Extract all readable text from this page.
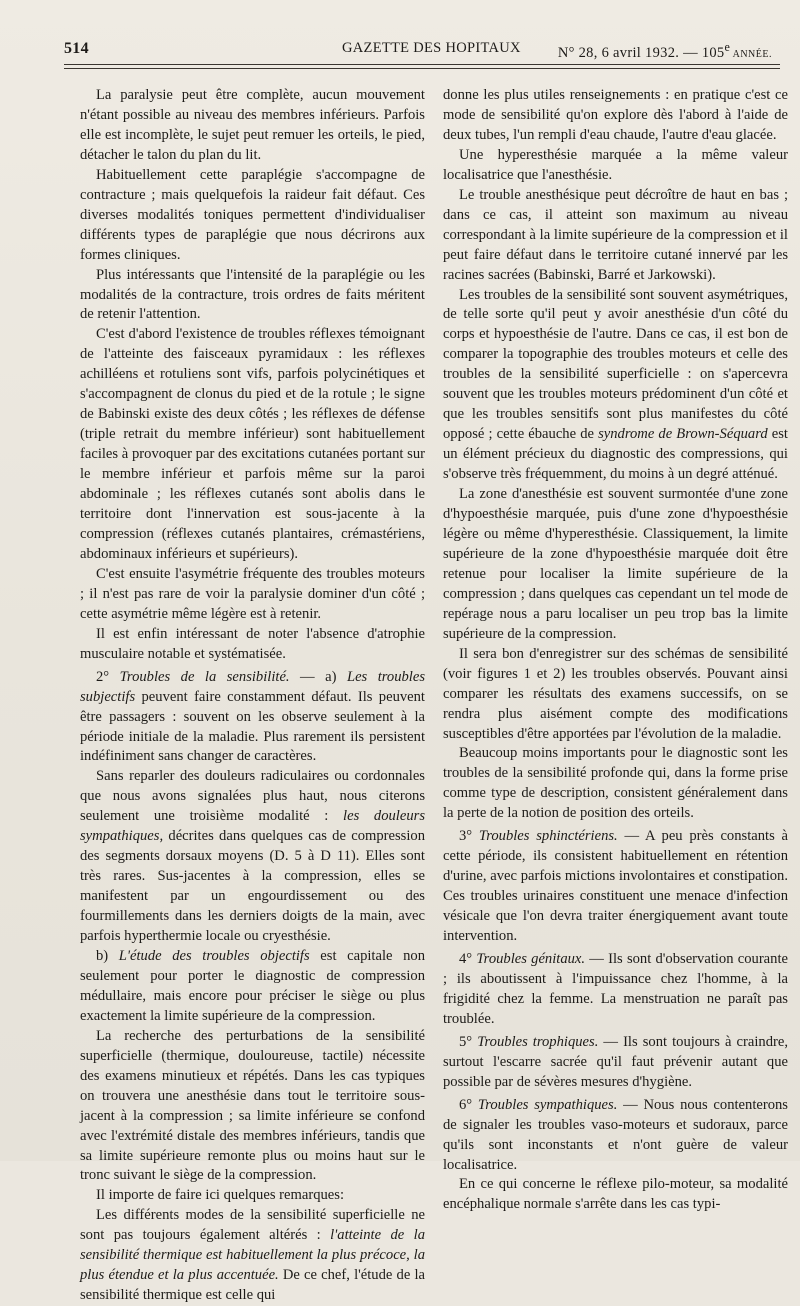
514	GAZETTE DES HOPITAUX	N° 28, 6 avril 1932. — 105e ANNÉE.

La paralysie peut être complète, aucun mouvement n'étant possible au niveau des membres inférieurs. Parfois elle est incomplète, le sujet peut remuer les orteils, le pied, détacher le talon du plan du lit.

Habituellement cette paraplégie s'accompagne de contracture ; mais quelquefois la raideur fait défaut. Ces diverses modalités toniques permettent d'individualiser différents types de paraplégie que nous décrirons aux formes cliniques.

Plus intéressants que l'intensité de la paraplégie ou les modalités de la contracture, trois ordres de faits méritent de retenir l'attention.

C'est d'abord l'existence de troubles réflexes témoignant de l'atteinte des faisceaux pyramidaux : les réflexes achilléens et rotuliens sont vifs, parfois polycinétiques et s'accompagnent de clonus du pied et de la rotule ; le signe de Babinski existe des deux côtés ; les réflexes de défense (triple retrait du membre inférieur) sont habituellement faciles à provoquer par des excitations cutanées portant sur le membre inférieur et parfois même sur la paroi abdominale ; les réflexes cutanés sont abolis dans le territoire dont l'innervation est sous-jacente à la compression (réflexes cutanés plantaires, crémastériens, abdominaux inférieurs et supérieurs).

C'est ensuite l'asymétrie fréquente des troubles moteurs ; il n'est pas rare de voir la paralysie dominer d'un côté ; cette asymétrie même légère est à retenir.

Il est enfin intéressant de noter l'absence d'atrophie musculaire notable et systématisée.

2° Troubles de la sensibilité. — a) Les troubles subjectifs peuvent faire constamment défaut. Ils peuvent être passagers : souvent on les observe seulement à la période initiale de la maladie. Plus rarement ils persistent indéfiniment sans changer de caractères.

Sans reparler des douleurs radiculaires ou cordonnales que nous avons signalées plus haut, nous citerons seulement une troisième modalité : les douleurs sympathiques, décrites dans quelques cas de compression des segments dorsaux moyens (D. 5 à D 11). Elles sont très rares. Sus-jacentes à la compression, elles se manifestent par un engourdissement ou des fourmillements dans les derniers doigts de la main, avec parfois hyperthermie locale ou cryesthésie.

b) L'étude des troubles objectifs est capitale non seulement pour porter le diagnostic de compression médullaire, mais encore pour préciser le siège ou plus exactement la limite supérieure de la compression.

La recherche des perturbations de la sensibilité superficielle (thermique, douloureuse, tactile) nécessite des examens minutieux et répétés. Dans les cas typiques on trouvera une anesthésie dans tout le territoire sous-jacent à la compression ; sa limite inférieure se confond avec l'extrémité distale des membres inférieurs, tandis que sa limite supérieure remonte plus ou moins haut sur le tronc suivant le siège de la compression.

Il importe de faire ici quelques remarques:

Les différents modes de la sensibilité superficielle ne sont pas toujours également altérés : l'atteinte de la sensibilité thermique est habituellement la plus précoce, la plus étendue et la plus accentuée. De ce chef, l'étude de la sensibilité thermique est celle qui

donne les plus utiles renseignements : en pratique c'est ce mode de sensibilité qu'on explore dès l'abord à l'aide de deux tubes, l'un rempli d'eau chaude, l'autre d'eau glacée.

Une hyperesthésie marquée a la même valeur localisatrice que l'anesthésie.

Le trouble anesthésique peut décroître de haut en bas ; dans ce cas, il atteint son maximum au niveau correspondant à la limite supérieure de la compression et il peut faire défaut dans le territoire cutané innervé par les racines sacrées (Babinski, Barré et Jarkowski).

Les troubles de la sensibilité sont souvent asymétriques, de telle sorte qu'il peut y avoir anesthésie d'un côté du corps et hypoesthésie de l'autre. Dans ce cas, il est bon de comparer la topographie des troubles moteurs et celle des troubles de la sensibilité superficielle : on s'apercevra souvent que les troubles moteurs prédominent d'un côté et que les troubles sensitifs sont plus manifestes du côté opposé ; cette ébauche de syndrome de Brown-Séquard est un élément précieux du diagnostic des compressions, qui s'observe très fréquemment, du moins à un degré atténué.

La zone d'anesthésie est souvent surmontée d'une zone d'hypoesthésie marquée, puis d'une zone d'hypoesthésie légère ou même d'hyperesthésie. Classiquement, la limite supérieure de la zone d'hypoesthésie marquée doit être retenue pour localiser la limite supérieure de la compression ; dans quelques cas cependant un tel mode de repérage nous a paru localiser un peu trop bas la limite supérieure de la compression.

Il sera bon d'enregistrer sur des schémas de sensibilité (voir figures 1 et 2) les troubles observés. Pouvant ainsi comparer les résultats des examens successifs, on se rendra plus aisément compte des modifications susceptibles d'être apportées par l'évolution de la maladie.

Beaucoup moins importants pour le diagnostic sont les troubles de la sensibilité profonde qui, dans la forme prise comme type de description, consistent généralement dans la perte de la notion de position des orteils.

3° Troubles sphinctériens. — A peu près constants à cette période, ils consistent habituellement en rétention d'urine, avec parfois mictions involontaires et constipation. Ces troubles urinaires constituent une menace d'infection vésicale que l'on devra traiter énergiquement avant toute intervention.

4° Troubles génitaux. — Ils sont d'observation courante ; ils aboutissent à l'impuissance chez l'homme, à la frigidité chez la femme. La menstruation ne paraît pas troublée.

5° Troubles trophiques. — Ils sont toujours à craindre, surtout l'escarre sacrée qu'il faut prévenir autant que possible par de sévères mesures d'hygiène.

6° Troubles sympathiques. — Nous nous contenterons de signaler les troubles vaso-moteurs et sudoraux, parce qu'ils sont inconstants et n'ont guère de valeur localisatrice.

En ce qui concerne le réflexe pilo-moteur, sa modalité encéphalique normale s'arrête dans les cas typi-
